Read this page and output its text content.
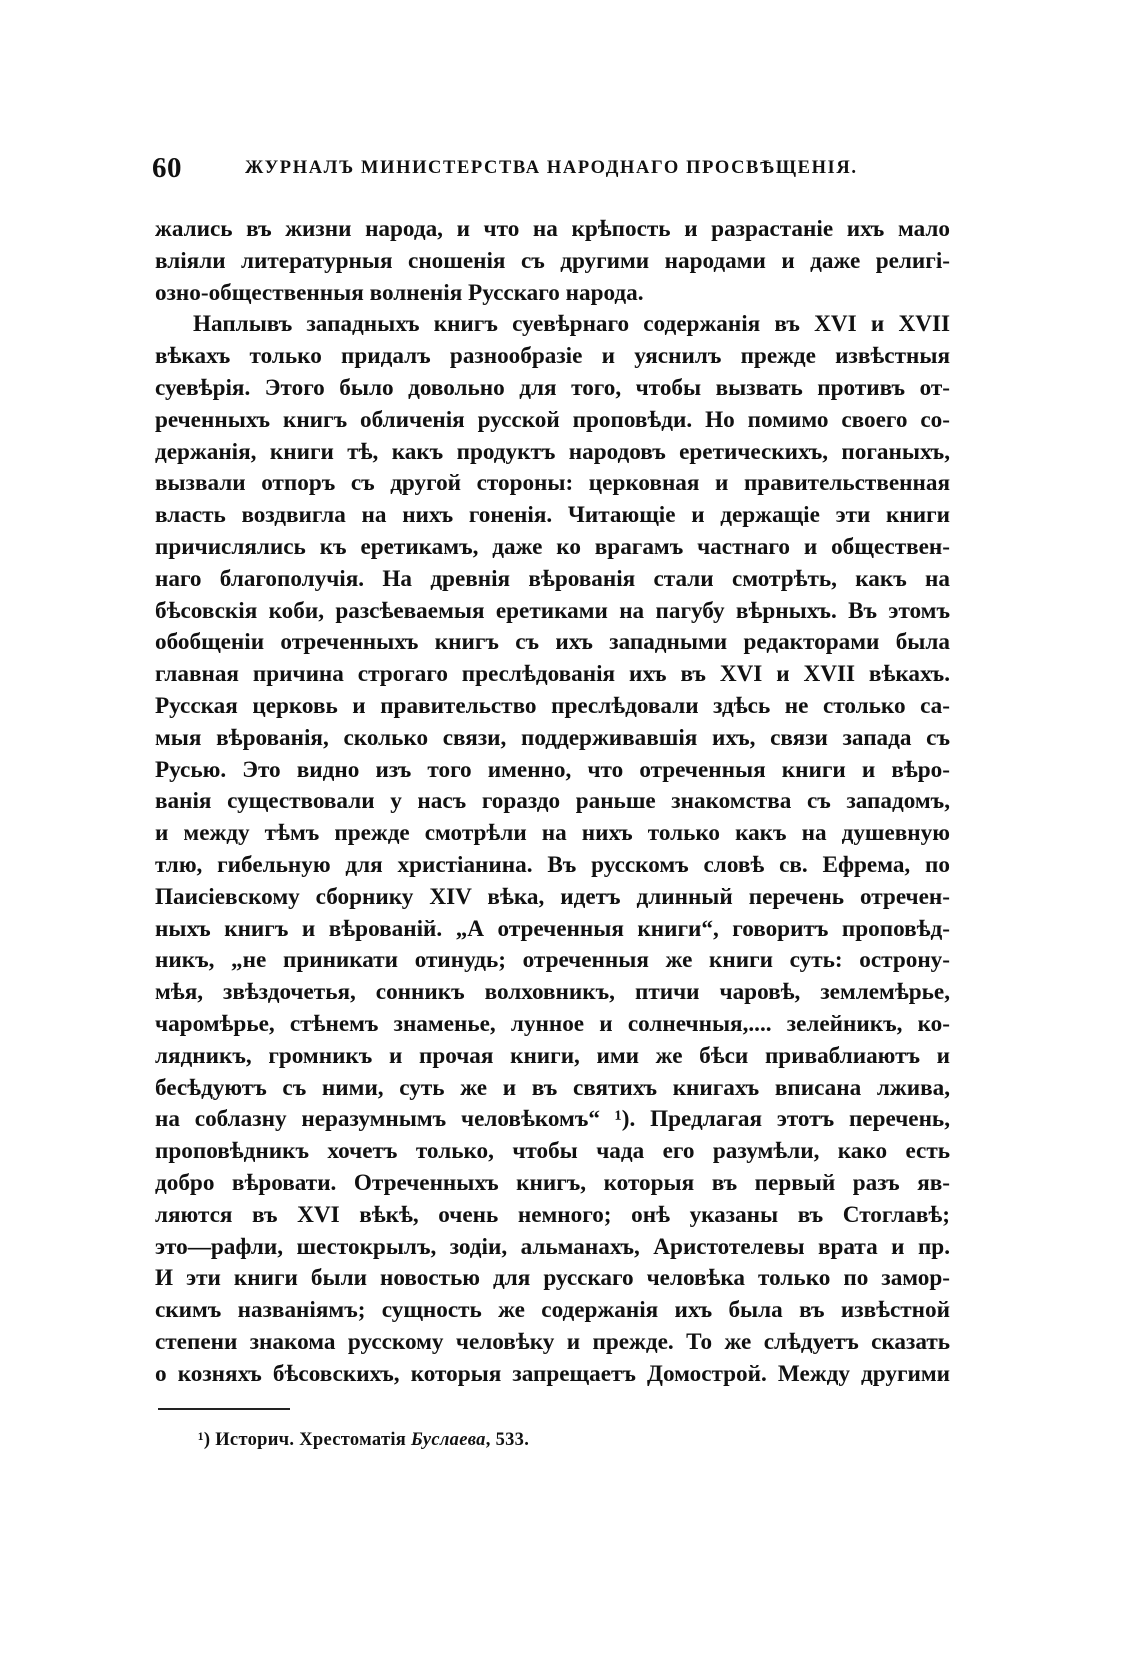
60	ЖУРНАЛЪ МИНИСТЕРСТВА НАРОДНАГО ПРОСВѢЩЕНІЯ.
жались въ жизни народа, и что на крѣпость и разрастаніе ихъ мало
вліяли литературныя сношенія съ другими народами и даже религі-
озно-общественныя волненія Русскаго народа.
Наплывъ западныхъ книгъ суевѣрнаго содержанія въ XVI и XVII
вѣкахъ только придалъ разнообразіе и уяснилъ прежде извѣстныя
суевѣрія. Этого было довольно для того, чтобы вызвать противъ от-
реченныхъ книгъ обличенія русской проповѣди. Но помимо своего со-
держанія, книги тѣ, какъ продуктъ народовъ еретическихъ, поганыхъ,
вызвали отпоръ съ другой стороны: церковная и правительственная
власть воздвигла на нихъ гоненія. Читающіе и держащіе эти книги
причислялись къ еретикамъ, даже ко врагамъ частнаго и обществен-
наго благополучія. На древнія вѣрованія стали смотрѣть, какъ на
бѣсовскія коби, разсѣеваемыя еретиками на пагубу вѣрныхъ. Въ этомъ
обобщеніи отреченныхъ книгъ съ ихъ западными редакторами была
главная причина строгаго преслѣдованія ихъ въ XVI и XVII вѣкахъ.
Русская церковь и правительство преслѣдовали здѣсь не столько са-
мыя вѣрованія, сколько связи, поддерживавшія ихъ, связи запада съ
Русью. Это видно изъ того именно, что отреченныя книги и вѣро-
ванія существовали у насъ гораздо раньше знакомства съ западомъ,
и между тѣмъ прежде смотрѣли на нихъ только какъ на душевную
тлю, гибельную для христіанина. Въ русскомъ словѣ св. Ефрема, по
Паисіевскому сборнику XIV вѣка, идетъ длинный перечень отречен-
ныхъ книгъ и вѣрованій. „А отреченныя книги“, говоритъ проповѣд-
никъ, „не приникати отинудь; отреченныя же книги суть: острону-
мѣя, звѣздочетья, сонникъ волховникъ, птичи чаровѣ, землемѣрье,
чаромѣрье, стѣнемъ знаменье, лунное и солнечныя,.... зелейникъ, ко-
лядникъ, громникъ и прочая книги, ими же бѣси приваблиаютъ и
бесѣдуютъ съ ними, суть же и въ святихъ книгахъ вписана лжива,
на соблазну неразумнымъ человѣкомъ“ ¹). Предлагая этотъ перечень,
проповѣдникъ хочетъ только, чтобы чада его разумѣли, како есть
добро вѣровати. Отреченныхъ книгъ, которыя въ первый разъ яв-
ляются въ XVI вѣкѣ, очень немного; онѣ указаны въ Стоглавѣ;
это—рафли, шестокрылъ, зодіи, альманахъ, Аристотелевы врата и пр.
И эти книги были новостью для русскаго человѣка только по замор-
скимъ названіямъ; сущность же содержанія ихъ была въ извѣстной
степени знакома русскому человѣку и прежде. То же слѣдуетъ сказать
о козняхъ бѣсовскихъ, которыя запрещаетъ Домострой. Между другими
¹) Историч. Хрестоматія Буслаева, 533.
